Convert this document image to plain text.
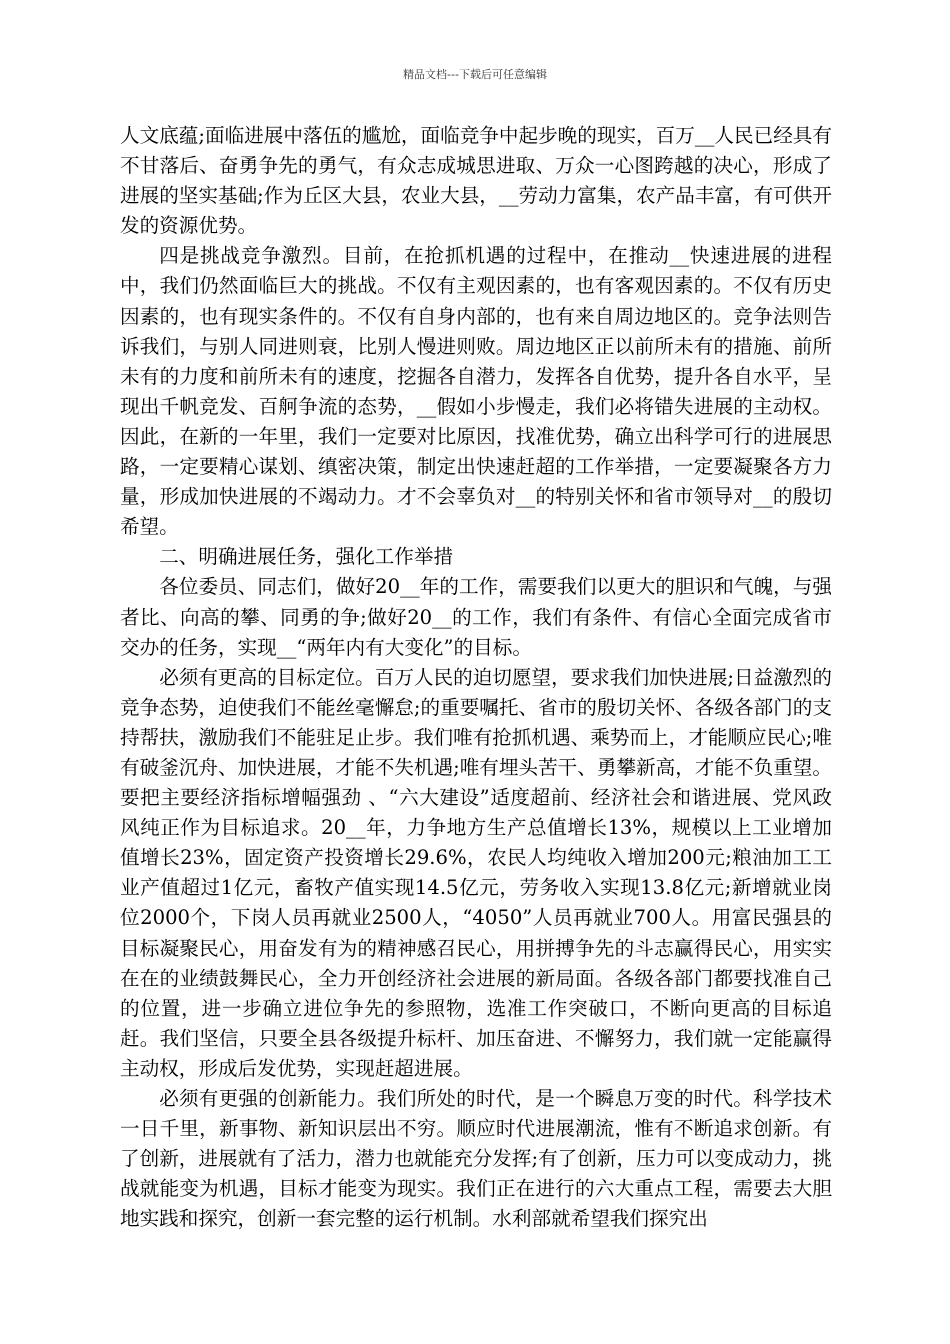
精品文档---下载后可任意编辑

人文底蕴;面临进展中落伍的尴尬，面临竞争中起步晚的现实，百万__人民已经具有不甘落后、奋勇争先的勇气，有众志成城思进取、万众一心图跨越的决心，形成了进展的坚实基础;作为丘区大县，农业大县，__劳动力富集，农产品丰富，有可供开发的资源优势。

四是挑战竞争激烈。目前，在抢抓机遇的过程中，在推动__快速进展的进程中，我们仍然面临巨大的挑战。不仅有主观因素的，也有客观因素的。不仅有历史因素的，也有现实条件的。不仅有自身内部的，也有来自周边地区的。竞争法则告诉我们，与别人同进则衰，比别人慢进则败。周边地区正以前所未有的措施、前所未有的力度和前所未有的速度，挖掘各自潜力，发挥各自优势，提升各自水平，呈现出千帆竞发、百舸争流的态势，__假如小步慢走，我们必将错失进展的主动权。因此，在新的一年里，我们一定要对比原因，找准优势，确立出科学可行的进展思路，一定要精心谋划、缜密决策，制定出快速赶超的工作举措，一定要凝聚各方力量，形成加快进展的不竭动力。才不会辜负对__的特别关怀和省市领导对__的殷切希望。

二、明确进展任务，强化工作举措

各位委员、同志们，做好20__年的工作，需要我们以更大的胆识和气魄，与强者比、向高的攀、同勇的争;做好20__的工作，我们有条件、有信心全面完成省市交办的任务，实现__“两年内有大变化”的目标。

必须有更高的目标定位。百万人民的迫切愿望，要求我们加快进展;日益激烈的竞争态势，迫使我们不能丝毫懈怠;的重要嘱托、省市的殷切关怀、各级各部门的支持帮扶，激励我们不能驻足止步。我们唯有抢抓机遇、乘势而上，才能顺应民心;唯有破釜沉舟、加快进展，才能不失机遇;唯有埋头苦干、勇攀新高，才能不负重望。要把主要经济指标增幅强劲 、“六大建设”适度超前、经济社会和谐进展、党风政风纯正作为目标追求。20__年，力争地方生产总值增长13%，规模以上工业增加值增长23%，固定资产投资增长29.6%，农民人均纯收入增加200元;粮油加工工业产值超过1亿元，畜牧产值实现14.5亿元，劳务收入实现13.8亿元;新增就业岗位2000个，下岗人员再就业2500人，“4050”人员再就业700人。用富民强县的目标凝聚民心，用奋发有为的精神感召民心，用拼搏争先的斗志赢得民心，用实实在在的业绩鼓舞民心，全力开创经济社会进展的新局面。各级各部门都要找准自己的位置，进一步确立进位争先的参照物，选准工作突破口，不断向更高的目标追赶。我们坚信，只要全县各级提升标杆、加压奋进、不懈努力，我们就一定能赢得主动权，形成后发优势，实现赶超进展。

必须有更强的创新能力。我们所处的时代，是一个瞬息万变的时代。科学技术一日千里，新事物、新知识层出不穷。顺应时代进展潮流，惟有不断追求创新。有了创新，进展就有了活力，潜力也就能充分发挥;有了创新，压力可以变成动力，挑战就能变为机遇，目标才能变为现实。我们正在进行的六大重点工程，需要去大胆地实践和探究，创新一套完整的运行机制。水利部就希望我们探究出
